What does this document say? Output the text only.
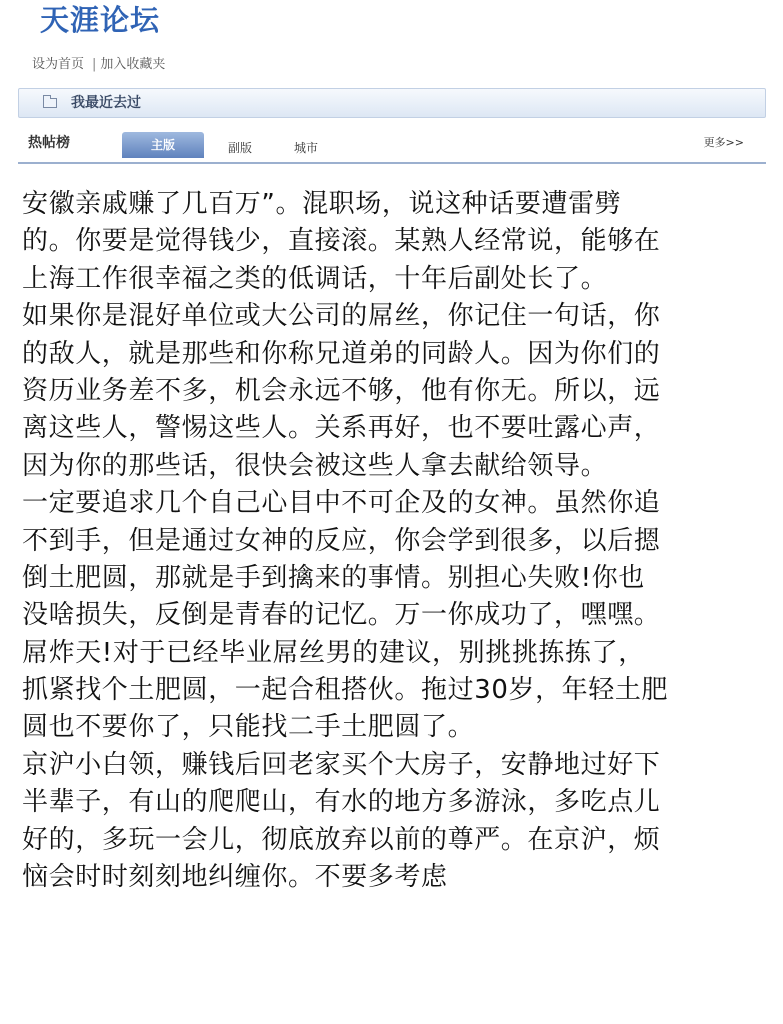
天涯论坛
设为首页 | 加入收藏夹
我最近去过
热帖榜	主版	副版	城市	更多>>
安徽亲戚赚了几百万”。混职场，说这种话要遭雷劈
的。你要是觉得钱少，直接滚。某熟人经常说，能够在
上海工作很幸福之类的低调话，十年后副处长了。
如果你是混好单位或大公司的屌丝，你记住一句话，你
的敌人，就是那些和你称兄道弟的同龄人。因为你们的
资历业务差不多，机会永远不够，他有你无。所以，远
离这些人，警惕这些人。关系再好，也不要吐露心声，
因为你的那些话，很快会被这些人拿去献给领导。
一定要追求几个自己心目中不可企及的女神。虽然你追
不到手，但是通过女神的反应，你会学到很多，以后摁
倒土肥圆，那就是手到擒来的事情。别担心失败!你也
没啥损失，反倒是青春的记忆。万一你成功了，嘿嘿。
屌炸天!对于已经毕业屌丝男的建议，别挑挑拣拣了，
抓紧找个土肥圆，一起合租搭伙。拖过30岁，年轻土肥
圆也不要你了，只能找二手土肥圆了。
京沪小白领，赚钱后回老家买个大房子，安静地过好下
半辈子，有山的爬爬山，有水的地方多游泳，多吃点儿
好的，多玩一会儿，彻底放弃以前的尊严。在京沪，烦
恼会时时刻刻地纠缠你。不要多考虑
